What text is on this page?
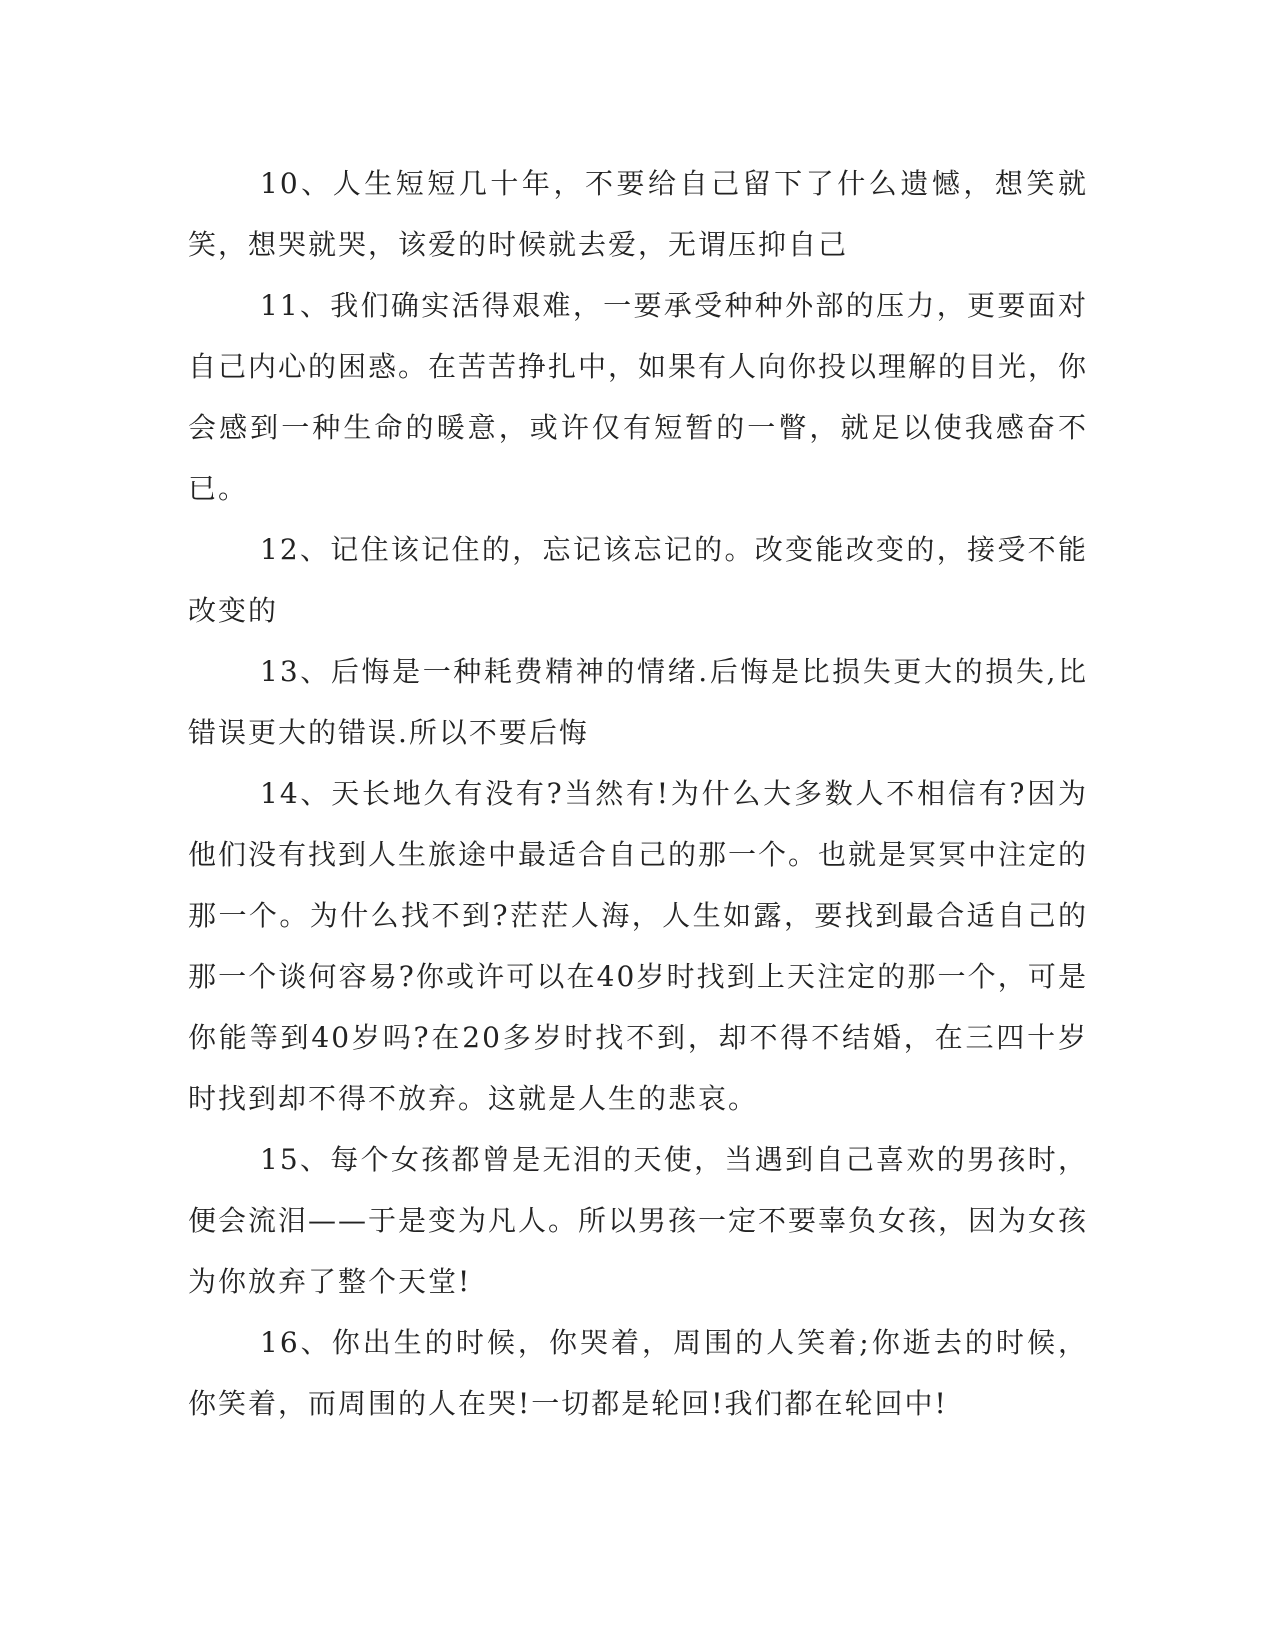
10、人生短短几十年，不要给自己留下了什么遗憾，想笑就笑，想哭就哭，该爱的时候就去爱，无谓压抑自己

11、我们确实活得艰难，一要承受种种外部的压力，更要面对自己内心的困惑。在苦苦挣扎中，如果有人向你投以理解的目光，你会感到一种生命的暖意，或许仅有短暂的一瞥，就足以使我感奋不已。

12、记住该记住的，忘记该忘记的。改变能改变的，接受不能改变的

13、后悔是一种耗费精神的情绪.后悔是比损失更大的损失,比错误更大的错误.所以不要后悔

14、天长地久有没有?当然有!为什么大多数人不相信有?因为他们没有找到人生旅途中最适合自己的那一个。也就是冥冥中注定的那一个。为什么找不到?茫茫人海，人生如露，要找到最合适自己的那一个谈何容易?你或许可以在40岁时找到上天注定的那一个，可是你能等到40岁吗?在20多岁时找不到，却不得不结婚，在三四十岁时找到却不得不放弃。这就是人生的悲哀。

15、每个女孩都曾是无泪的天使，当遇到自己喜欢的男孩时，便会流泪——于是变为凡人。所以男孩一定不要辜负女孩，因为女孩为你放弃了整个天堂!

16、你出生的时候，你哭着，周围的人笑着;你逝去的时候，你笑着，而周围的人在哭!一切都是轮回!我们都在轮回中!
